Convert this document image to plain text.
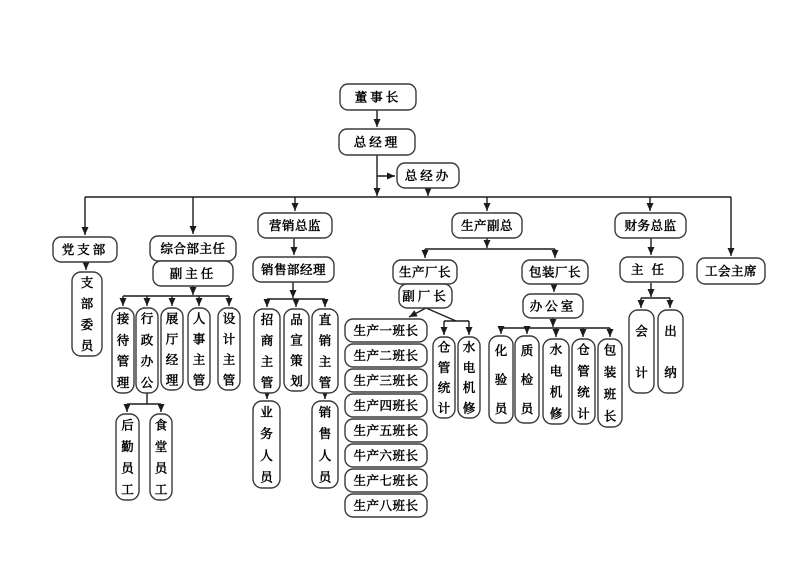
董事长
总经理
总经办
党支部	综合部主任
副主任
营销总监
销售部经理
生产副总
生产厂长
副厂长
包装厂长
办公室
财务总监
主任	工会主席
支部委员
接待管理
行政办公
展厅经理
人事主管
设计主管
后勤员工
食堂员工
招商主管
品宣策划
直销主管
业务人员
销售人员
生产一班长
生产二班长
生产三班长
生产四班长
生产五班长
牛产六班长
生产七班长
生产八班长
仓管统计
水电机修
化验员
质检员
水电机修
仓管统计
包装班长
会计
出纳
